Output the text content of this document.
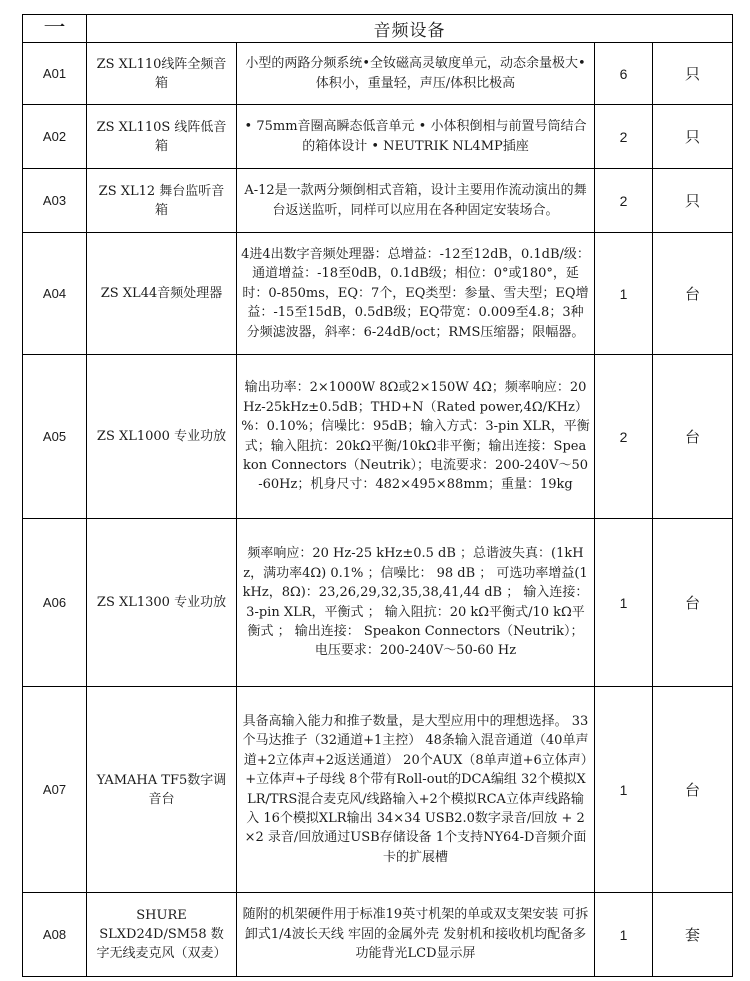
一	音频设备			
A01	ZS XL110线阵全频音箱	小型的两路分频系统•全钕磁高灵敏度单元，动态余量极大•体积小，重量轻，声压/体积比极高	6	只
A02	ZS XL110S 线阵低音箱	• 75mm音圈高瞬态低音单元 • 小体积倒相与前置号筒结合的箱体设计 • NEUTRIK NL4MP插座	2	只
A03	ZS XL12 舞台监听音箱	A-12是一款两分频倒相式音箱，设计主要用作流动演出的舞台返送监听，同样可以应用在各种固定安装场合。	2	只
A04	ZS XL44音频处理器	4进4出数字音频处理器：总增益：-12至12dB，0.1dB/级：通道增益：-18至0dB，0.1dB级；相位：0°或180°，延时：0-850ms，EQ：7个，EQ类型：参量、雪夫型；EQ增益：-15至15dB，0.5dB级；EQ带宽：0.009至4.8；3种分频滤波器，斜率：6-24dB/oct；RMS压缩器；限幅器。	1	台
A05	ZS XL1000 专业功放	输出功率：2×1000W 8Ω或2×150W 4Ω；频率响应：20Hz-25kHz±0.5dB；THD+N（Rated power,4Ω/KHz）%：0.10%；信噪比：95dB；输入方式：3-pin XLR，平衡式；输入阻抗：20kΩ平衡/10kΩ非平衡；输出连接：Speakon Connectors（Neutrik）；电流要求：200-240V～50-60Hz；机身尺寸：482×495×88mm；重量：19kg	2	台
A06	ZS XL1300 专业功放	频率响应：20 Hz-25 kHz±0.5 dB ；总谐波失真：(1kHz，满功率4Ω) 0.1% ；信噪比： 98 dB ； 可选功率增益(1kHz，8Ω)：23,26,29,32,35,38,41,44 dB ； 输入连接：3-pin XLR，平衡式 ； 输入阻抗：20 kΩ平衡式/10 kΩ平衡式 ； 输出连接： Speakon Connectors（Neutrik）；电压要求：200-240V～50-60 Hz	1	台
A07	YAMAHA TF5数字调音台	具备高输入能力和推子数量，是大型应用中的理想选择。 33个马达推子（32通道+1主控） 48条输入混音通道（40单声道+2立体声+2返送通道） 20个AUX（8单声道+6立体声）+立体声+子母线 8个带有Roll-out的DCA编组 32个模拟XLR/TRS混合麦克风/线路输入+2个模拟RCA立体声线路输入 16个模拟XLR输出 34×34 USB2.0数字录音/回放 + 2×2 录音/回放通过USB存储设备 1个支持NY64-D音频介面卡的扩展槽	1	台
A08	SHURE SLXD24D/SM58 数字无线麦克风（双麦）	随附的机架硬件用于标准19英寸机架的单或双支架安装 可拆卸式1/4波长天线 牢固的金属外壳 发射机和接收机均配备多功能背光LCD显示屏	1	套
